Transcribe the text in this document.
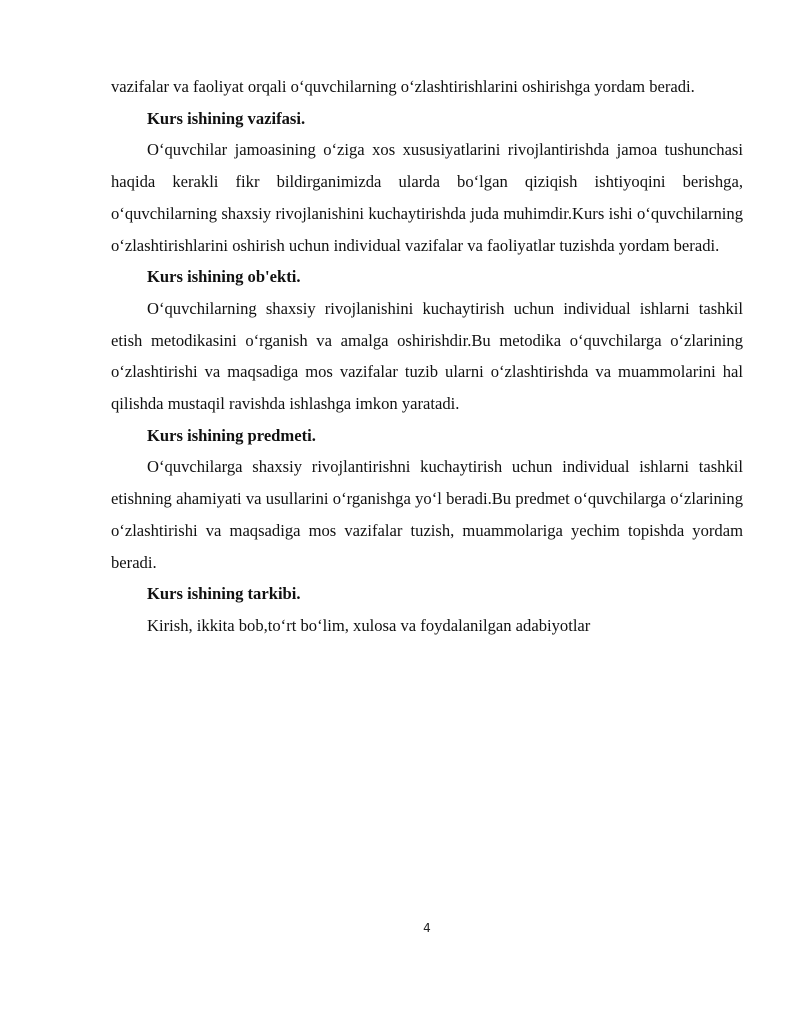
vazifalar va faoliyat orqali o‘quvchilarning o‘zlashtirishlarini oshirishga yordam beradi.

Kurs ishining vazifasi.

O‘quvchilar jamoasining o‘ziga xos xususiyatlarini rivojlantirishda jamoa tushunchasi haqida kerakli fikr bildirganimizda ularda bo‘lgan qiziqish ishtiyoqini berishga, o‘quvchilarning shaxsiy rivojlanishini kuchaytirishda juda muhimdir.Kurs ishi o‘quvchilarning o‘zlashtirishlarini oshirish uchun individual vazifalar va faoliyatlar tuzishda yordam beradi.

Kurs ishining ob'ekti.

O‘quvchilarning shaxsiy rivojlanishini kuchaytirish uchun individual ishlarni tashkil etish metodikasini o‘rganish va amalga oshirishdir.Bu metodika o‘quvchilarga o‘zlarining o‘zlashtirishi va maqsadiga mos vazifalar tuzib ularni o‘zlashtirishda va muammolarini hal qilishda mustaqil ravishda ishlashga imkon yaratadi.

Kurs ishining predmeti.

O‘quvchilarga shaxsiy rivojlantirishni kuchaytirish uchun individual ishlarni tashkil etishning ahamiyati va usullarini o‘rganishga yo‘l beradi.Bu predmet o‘quvchilarga o‘zlarining o‘zlashtirishi va maqsadiga mos vazifalar tuzish, muammolariga yechim topishda yordam beradi.

Kurs ishining tarkibi.

Kirish, ikkita bob,to‘rt bo‘lim, xulosa va foydalanilgan adabiyotlar

4
